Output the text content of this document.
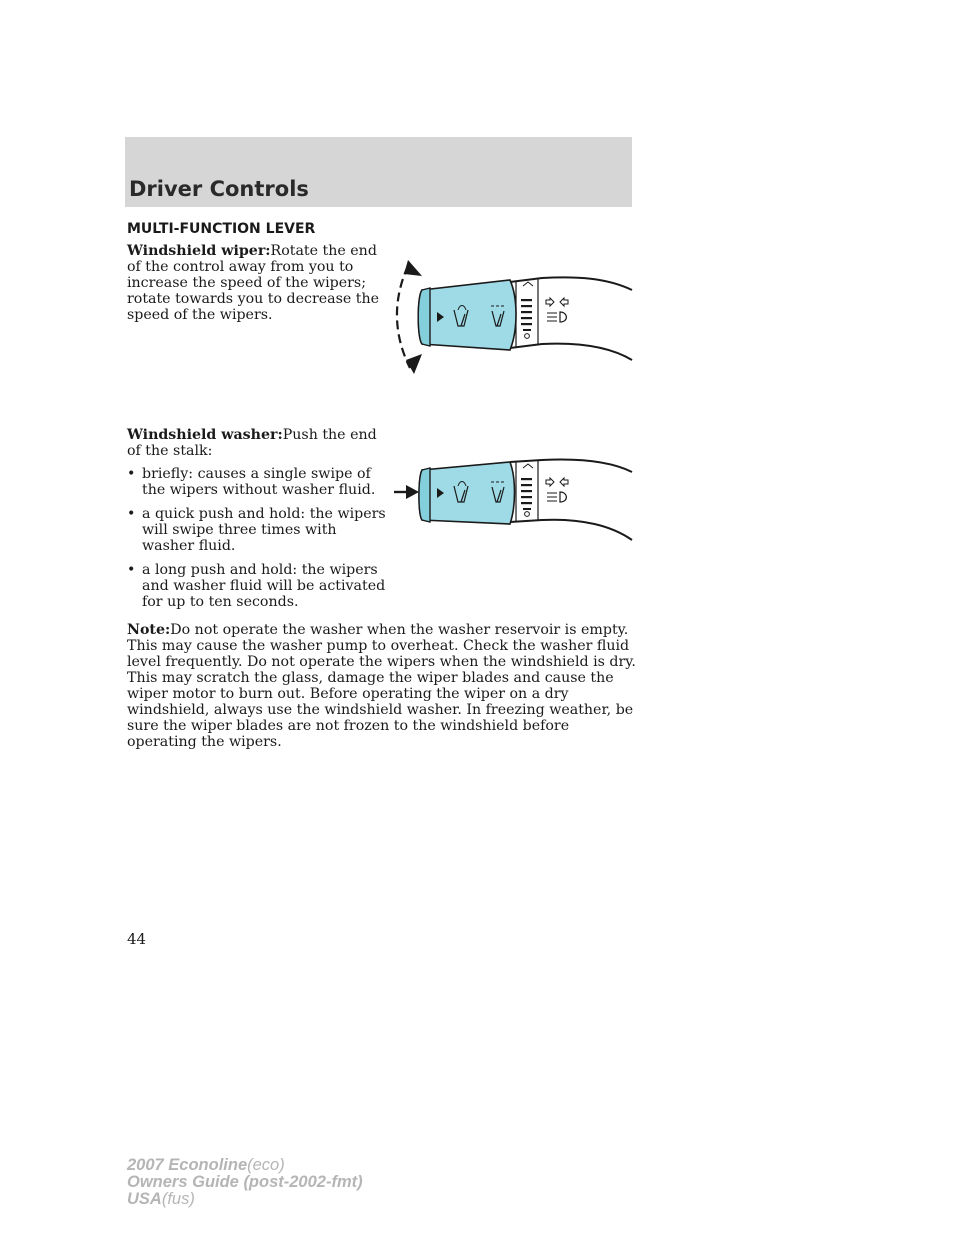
Driver Controls
MULTI-FUNCTION LEVER
Windshield wiper:Rotate the end of the control away from you to increase the speed of the wipers; rotate towards you to decrease the speed of the wipers.
Windshield washer:Push the end of the stalk:
• briefly: causes a single swipe of the wipers without washer fluid.
• a quick push and hold: the wipers will swipe three times with washer fluid.
• a long push and hold: the wipers and washer fluid will be activated for up to ten seconds.
Note:Do not operate the washer when the washer reservoir is empty. This may cause the washer pump to overheat. Check the washer fluid level frequently. Do not operate the wipers when the windshield is dry. This may scratch the glass, damage the wiper blades and cause the wiper motor to burn out. Before operating the wiper on a dry windshield, always use the windshield washer. In freezing weather, be sure the wiper blades are not frozen to the windshield before operating the wipers.
44
2007 Econoline(eco)
Owners Guide (post-2002-fmt)
USA(fus)
